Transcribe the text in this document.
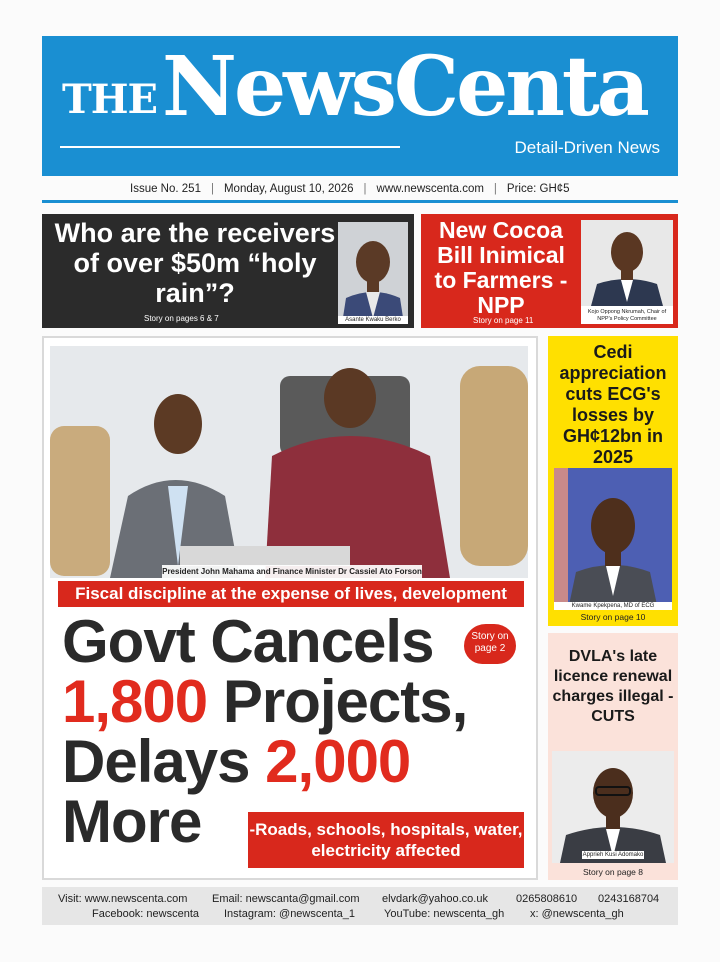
THE NewsCenta
Detail-Driven News
Issue No. 251 | Monday, August 10, 2026 | www.newscenta.com | Price: GH¢5
Who are the receivers of over $50m “holy rain”?
Story on pages 6 & 7	Asante Kwaku Berko
New Cocoa Bill Inimical to Farmers - NPP
Story on page 11
Kojo Oppong Nkrumah, Chair of NPP's Policy Committee
President John Mahama and Finance Minister Dr Cassiel Ato Forson
Fiscal discipline at the expense of lives, development
Govt Cancels
1,800 Projects,
Delays 2,000
More
Story on page 2
-Roads, schools, hospitals, water, electricity affected
Cedi appreciation cuts ECG's losses by GH¢12bn in 2025
Kwame Kpekpena, MD of ECG
Story on page 10
DVLA's late licence renewal charges illegal - CUTS
Apprieh Kusi Adomako
Story on page 8
Visit: www.newscenta.com Email: newscanta@gmail.com elvdark@yahoo.co.uk	0265808610 0243168704
Facebook: newscenta Instagram: @newscenta_1	YouTube: newscenta_gh x: @newscenta_gh
